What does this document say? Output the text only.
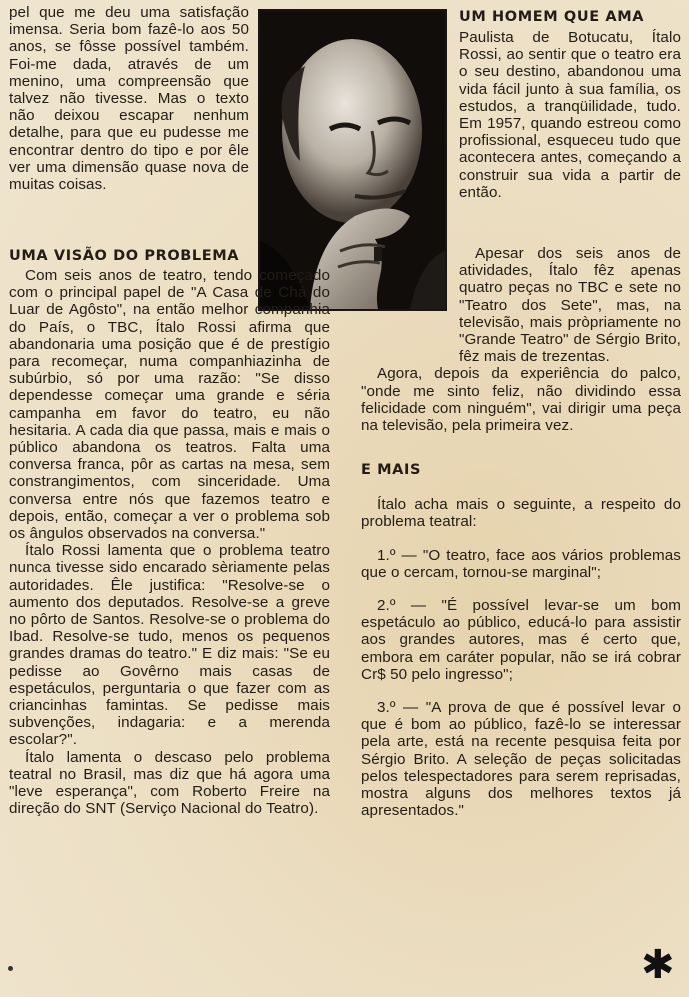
pel que me deu uma satisfação imensa. Seria bom fazê-lo aos 50 anos, se fôsse possível também. Foi-me dada, através de um menino, uma compreensão que talvez não tivesse. Mas o texto não deixou escapar nenhum detalhe, para que eu pudesse me encontrar dentro do tipo e por êle ver uma dimensão quase nova de muitas coisas.

UMA VISÃO DO PROBLEMA

Com seis anos de teatro, tendo começado com o principal papel de "A Casa de Chá do Luar de Agôsto", na então melhor companhia do País, o TBC, Ítalo Rossi afirma que abandonaria uma posição que é de prestígio para recomeçar, numa companhiazinha de subúrbio, só por uma razão: "Se disso dependesse começar uma grande e séria campanha em favor do teatro, eu não hesitaria. A cada dia que passa, mais e mais o público abandona os teatros. Falta uma conversa franca, pôr as cartas na mesa, sem constrangimentos, com sinceridade. Uma conversa entre nós que fazemos teatro e depois, então, começar a ver o problema sob os ângulos observados na conversa."

Ítalo Rossi lamenta que o problema teatro nunca tivesse sido encarado sèriamente pelas autoridades. Êle justifica: "Resolve-se o aumento dos deputados. Resolve-se a greve no pôrto de Santos. Resolve-se o problema do Ibad. Resolve-se tudo, menos os pequenos grandes dramas do teatro." E diz mais: "Se eu pedisse ao Govêrno mais casas de espetáculos, perguntaria o que fazer com as criancinhas famintas. Se pedisse mais subvenções, indagaria: e a merenda escolar?".

Ítalo lamenta o descaso pelo problema teatral no Brasil, mas diz que há agora uma "leve esperança", com Roberto Freire na direção do SNT (Serviço Nacional do Teatro).

UM HOMEM QUE AMA

Paulista de Botucatu, Ítalo Rossi, ao sentir que o teatro era o seu destino, abandonou uma vida fácil junto à sua família, os estudos, a tranqüilidade, tudo. Em 1957, quando estreou como profissional, esqueceu tudo que acontecera antes, começando a construir sua vida a partir de então.

Apesar dos seis anos de atividades, Ítalo fêz apenas quatro peças no TBC e sete no "Teatro dos Sete", mas, na televisão, mais pròpriamente no "Grande Teatro" de Sérgio Brito, fêz mais de trezentas.

Agora, depois da experiência do palco, "onde me sinto feliz, não dividindo essa felicidade com ninguém", vai dirigir uma peça na televisão, pela primeira vez.

E MAIS

Ítalo acha mais o seguinte, a respeito do problema teatral:

1.º — "O teatro, face aos vários problemas que o cercam, tornou-se marginal";

2.º — "É possível levar-se um bom espetáculo ao público, educá-lo para assistir aos grandes autores, mas é certo que, embora em caráter popular, não se irá cobrar Cr$ 50 pelo ingresso";

3.º — "A prova de que é possível levar o que é bom ao público, fazê-lo se interessar pela arte, está na recente pesquisa feita por Sérgio Brito. A seleção de peças solicitadas pelos telespectadores para serem reprisadas, mostra alguns dos melhores textos já apresentados."

✱
